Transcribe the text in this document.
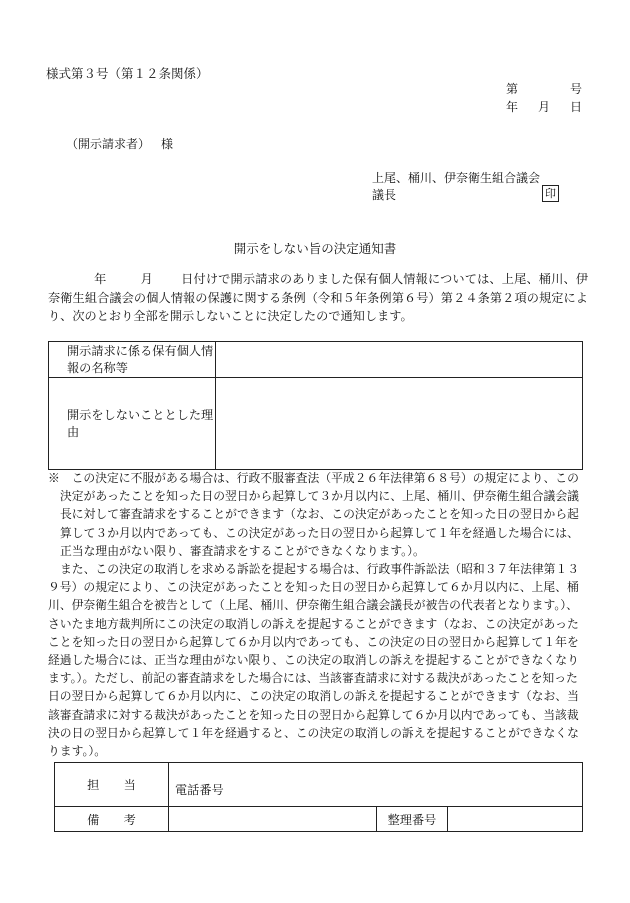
様式第３号（第１２条関係）
第	号
年 月 日
（開示請求者） 様
上尾、桶川、伊奈衛生組合議会
議長	印
開示をしない旨の決定通知書
年	月 日付けで開示請求のありました保有個人情報については、上尾、桶川、伊奈衛生組合議会の個人情報の保護に関する条例（令和５年条例第６号）第２４条第２項の規定により、次のとおり全部を開示しないことに決定したので通知します。
開示請求に係る保有個人情報の名称等	
開示をしないこととした理由	

※　この決定に不服がある場合は、行政不服審査法（平成２６年法律第６８号）の規定により、この決定があったことを知った日の翌日から起算して３か月以内に、上尾、桶川、伊奈衛生組合議会議長に対して審査請求をすることができます（なお、この決定があったことを知った日の翌日から起算して３か月以内であっても、この決定があった日の翌日から起算して１年を経過した場合には、正当な理由がない限り、審査請求をすることができなくなります。）。

また、この決定の取消しを求める訴訟を提起する場合は、行政事件訴訟法（昭和３７年法律第１３９号）の規定により、この決定があったことを知った日の翌日から起算して６か月以内に、上尾、桶川、伊奈衛生組合を被告として（上尾、桶川、伊奈衛生組合議会議長が被告の代表者となります。）、さいたま地方裁判所にこの決定の取消しの訴えを提起することができます（なお、この決定があったことを知った日の翌日から起算して６か月以内であっても、この決定の日の翌日から起算して１年を経過した場合には、正当な理由がない限り、この決定の取消しの訴えを提起することができなくなります。）。ただし、前記の審査請求をした場合には、当該審査請求に対する裁決があったことを知った日の翌日から起算して６か月以内に、この決定の取消しの訴えを提起することができます（なお、当該審査請求に対する裁決があったことを知った日の翌日から起算して６か月以内であっても、当該裁決の日の翌日から起算して１年を経過すると、この決定の取消しの訴えを提起することができなくなります。）。

担　　当	電話番号		
備　　考		整理番号	
